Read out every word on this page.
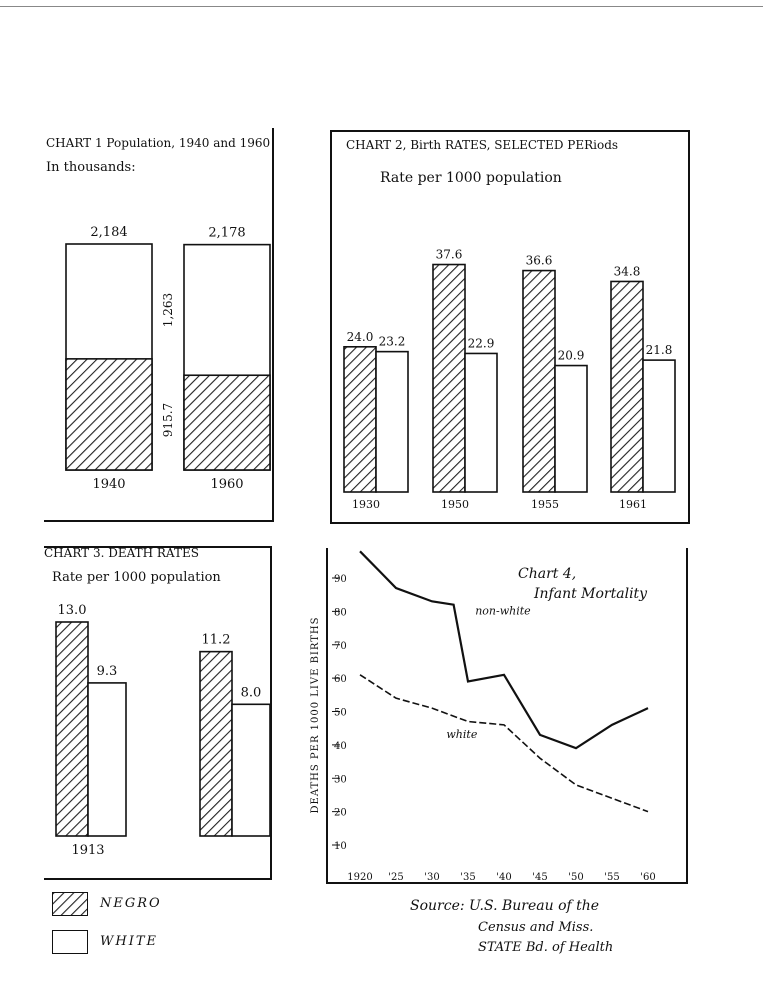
CHART 1 Population, 1940 and 1960
In thousands:
2,184
1940
2,178
1960
1,263
915.7
CHART 2, Birth RATES, SELECTED PERiods
Rate per 1000 population
24.0 23.2
1930
37.6
22.9
1950
36.6
20.9
1955
34.8
21.8
1961
CHART 3. DEATH RATES
Rate per 1000 population
13.0
9.3
1913
11.2
8.0
Chart 4,
Infant Mortality
10
20
30
40
50
60
70
80
90
1920 '25 '30 '35 '40 '45 '50 '55 '60
DEATHS PER 1000 LIVE BIRTHS
non-white
white
NEGRO
WHITE
Source: U.S. Bureau of the
Census and Miss.
STATE Bd. of Health
